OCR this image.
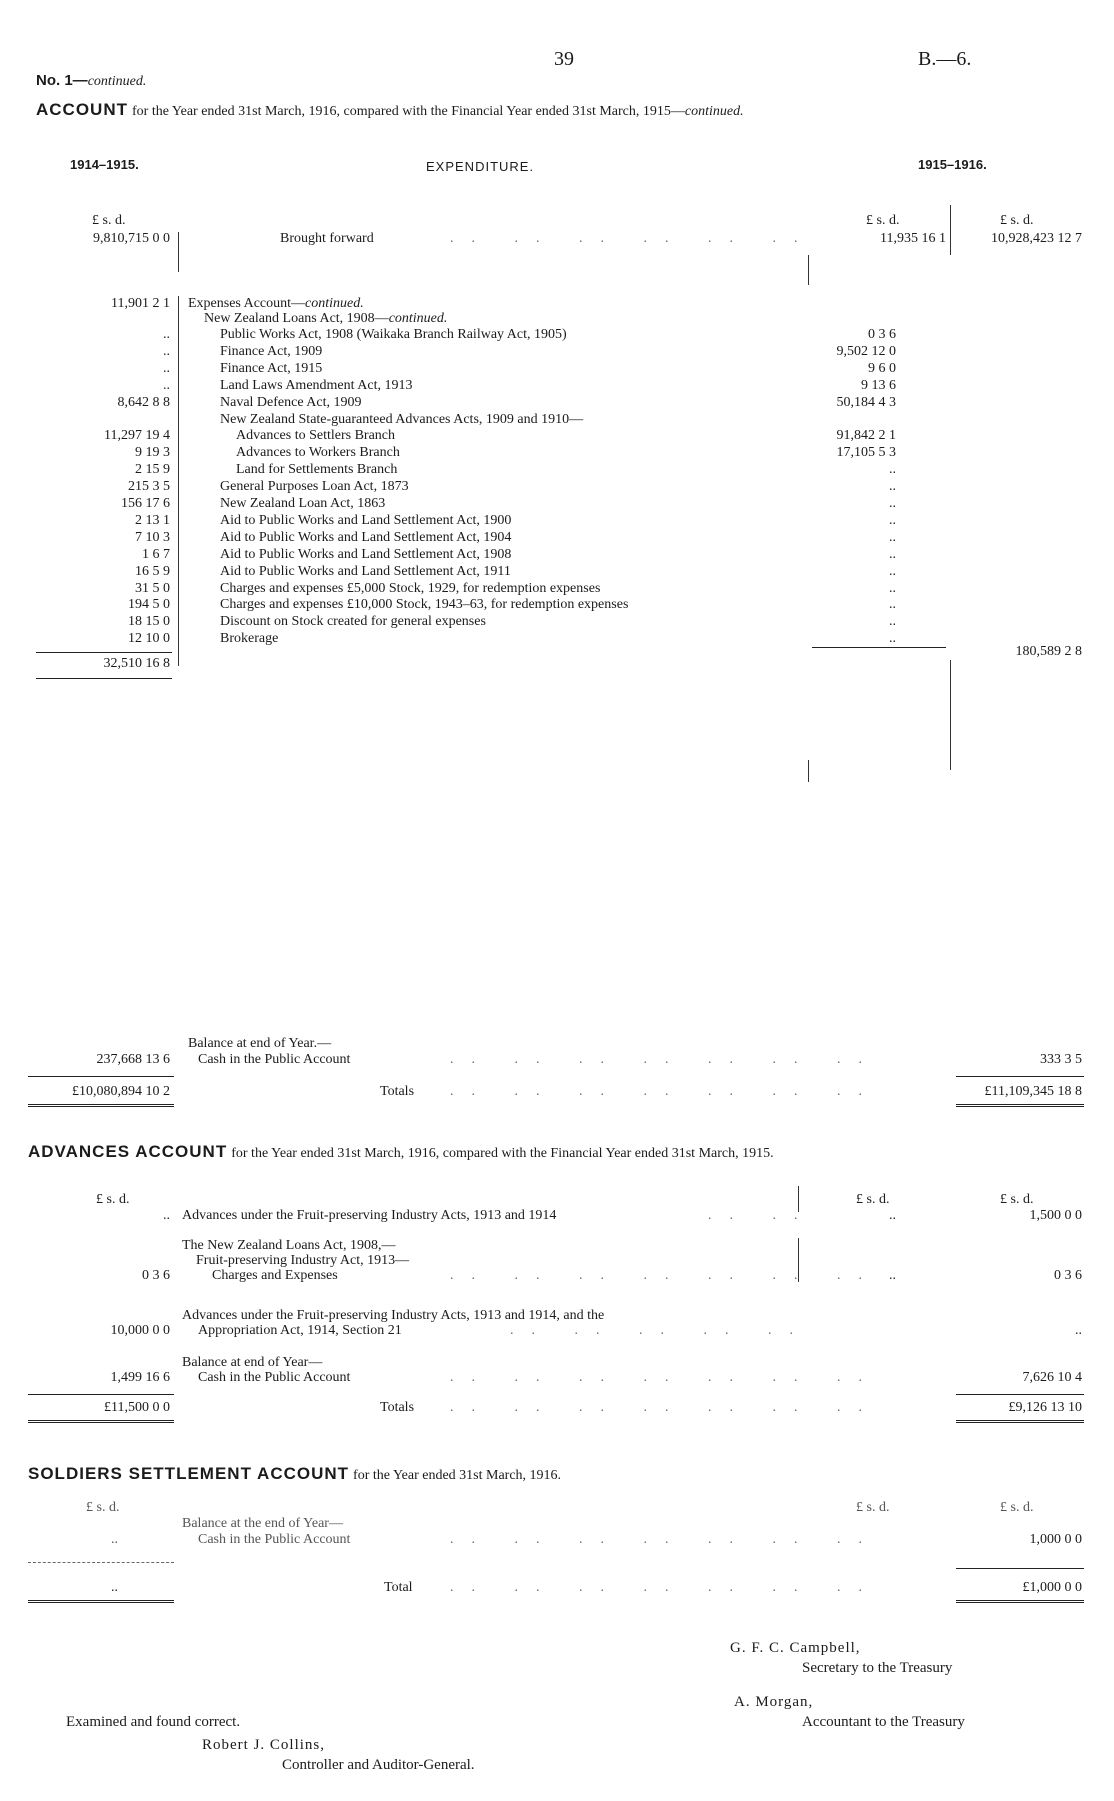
39	B.—6.
No. 1—continued.
ACCOUNT for the Year ended 31st March, 1916, compared with the Financial Year ended 31st March, 1915—continued.
1914–1915.	EXPENDITURE.	1915–1916.
£ s. d.	£ s. d.	£ s. d.
9,810,715 0 0	Brought forward	.. .. .. .. .. ..	11,935 16 1	10,928,423 12 7
11,901 2 1 Expenses Account—continued.
New Zealand Loans Act, 1908—continued.
..	Public Works Act, 1908 (Waikaka Branch Railway Act, 1905)	0 3 6
..	Finance Act, 1909	9,502 12 0
..	Finance Act, 1915	9 6 0
..	Land Laws Amendment Act, 1913	9 13 6
8,642 8 8	Naval Defence Act, 1909	50,184 4 3
New Zealand State-guaranteed Advances Acts, 1909 and 1910—
11,297 19 4	Advances to Settlers Branch	91,842 2 1
9 19 3	Advances to Workers Branch	17,105 5 3
2 15 9	Land for Settlements Branch	..
215 3 5	General Purposes Loan Act, 1873	..
156 17 6	New Zealand Loan Act, 1863	..
2 13 1	Aid to Public Works and Land Settlement Act, 1900	..
7 10 3	Aid to Public Works and Land Settlement Act, 1904	..
1 6 7	Aid to Public Works and Land Settlement Act, 1908	..
16 5 9	Aid to Public Works and Land Settlement Act, 1911	..
31 5 0	Charges and expenses £5,000 Stock, 1929, for redemption expenses	..
194 5 0	Charges and expenses £10,000 Stock, 1943–63, for redemption expenses	..
18 15 0	Discount on Stock created for general expenses	..
12 10 0	Brokerage	..
32,510 16 8
180,589 2 8
Balance at end of Year.—
237,668 13 6 Cash in the Public Account	.. .. .. .. .. .. ..	333 3 5
£10,080,894 10 2	Totals	.. .. .. .. .. .. ..	£11,109,345 18 8
ADVANCES ACCOUNT for the Year ended 31st March, 1916, compared with the Financial Year ended 31st March, 1915.
£ s. d.	£ s. d.	£ s. d.
.. Advances under the Fruit-preserving Industry Acts, 1913 and 1914	.. ..	..	1,500 0 0
The New Zealand Loans Act, 1908,—
Fruit-preserving Industry Act, 1913—
0 3 6	Charges and Expenses	.. .. .. .. .. .. .. ..	0 3 6
Advances under the Fruit-preserving Industry Acts, 1913 and 1914, and the
10,000 0 0 Appropriation Act, 1914, Section 21	.. .. .. .. ..	..
Balance at end of Year—
1,499 16 6 Cash in the Public Account	.. .. .. .. .. .. ..	7,626 10 4
£11,500 0 0	Totals	.. .. .. .. .. .. ..	£9,126 13 10
SOLDIERS SETTLEMENT ACCOUNT for the Year ended 31st March, 1916.
£ s. d.	£ s. d.	£ s. d.
Balance at the end of Year—
..	Cash in the Public Account	.. .. .. .. .. .. ..	1,000 0 0
..	Total	.. .. .. .. .. .. ..	£1,000 0 0
G. F. C. Campbell,
Secretary to the Treasury
A. Morgan,
Accountant to the Treasury
Examined and found correct.
Robert J. Collins,
Controller and Auditor-General.
